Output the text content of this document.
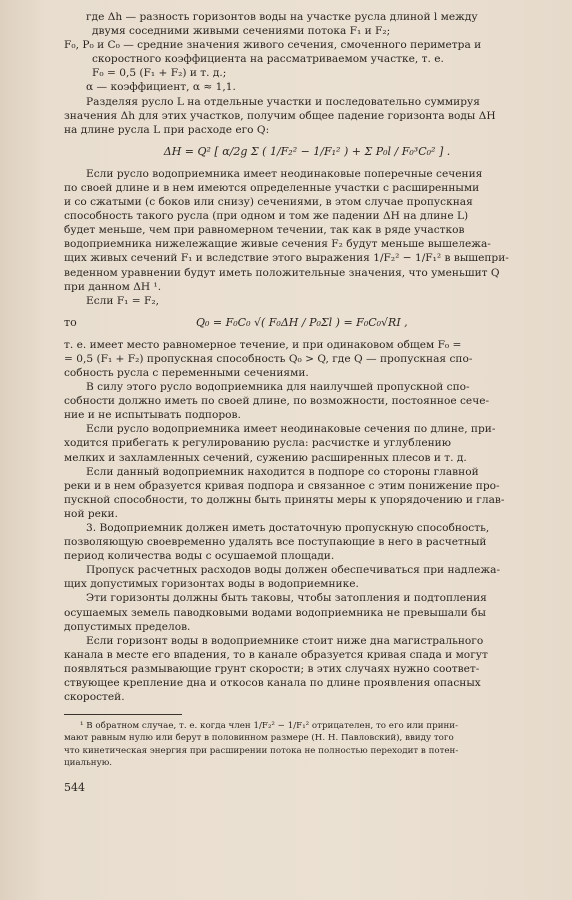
где Δh — разность горизонтов воды на участке русла длиной l между
двумя соседними живыми сечениями потока F₁ и F₂;
F₀, P₀ и C₀ — средние значения живого сечения, смоченного периметра и
скоростного коэффициента на рассматриваемом участке, т. е.
F₀ = 0,5 (F₁ + F₂) и т. д.;
α — коэффициент, α ≈ 1,1.
Разделяя русло L на отдельные участки и последовательно суммируя
значения Δh для этих участков, получим общее падение горизонта воды ΔH
на длине русла L при расходе его Q:
ΔH = Q² [ α/2g Σ ( 1/F₂² − 1/F₁² ) + Σ P₀l / F₀³C₀² ] .
Если русло водоприемника имеет неодинаковые поперечные сечения
по своей длине и в нем имеются определенные участки с расширенными
и со сжатыми (с боков или снизу) сечениями, в этом случае пропускная
способность такого русла (при одном и том же падении ΔH на длине L)
будет меньше, чем при равномерном течении, так как в ряде участков
водоприемника нижележащие живые сечения F₂ будут меньше вышележа-
щих живых сечений F₁ и вследствие этого выражения 1/F₂² − 1/F₁² в вышепри-
веденном уравнении будут иметь положительные значения, что уменьшит Q
при данном ΔH ¹.
Если F₁ = F₂,
то	Q₀ = F₀C₀ √( F₀ΔH / P₀Σl ) = F₀C₀√RI ,
т. е. имеет место равномерное течение, и при одинаковом общем F₀ =
= 0,5 (F₁ + F₂) пропускная способность Q₀ > Q, где Q — пропускная спо-
собность русла с переменными сечениями.
В силу этого русло водоприемника для наилучшей пропускной спо-
собности должно иметь по своей длине, по возможности, постоянное сече-
ние и не испытывать подпоров.
Если русло водоприемника имеет неодинаковые сечения по длине, при-
ходится прибегать к регулированию русла: расчистке и углублению
мелких и захламленных сечений, сужению расширенных плесов и т. д.
Если данный водоприемник находится в подпоре со стороны главной
реки и в нем образуется кривая подпора и связанное с этим понижение про-
пускной способности, то должны быть приняты меры к упорядочению и глав-
ной реки.
3. Водоприемник должен иметь достаточную пропускную способность,
позволяющую своевременно удалять все поступающие в него в расчетный
период количества воды с осушаемой площади.
Пропуск расчетных расходов воды должен обеспечиваться при надлежа-
щих допустимых горизонтах воды в водоприемнике.
Эти горизонты должны быть таковы, чтобы затопления и подтопления
осушаемых земель паводковыми водами водоприемника не превышали бы
допустимых пределов.
Если горизонт воды в водоприемнике стоит ниже дна магистрального
канала в месте его впадения, то в канале образуется кривая спада и могут
появляться размывающие грунт скорости; в этих случаях нужно соответ-
ствующее крепление дна и откосов канала по длине проявления опасных
скоростей.
¹ В обратном случае, т. е. когда член 1/F₂² − 1/F₁² отрицателен, то его или прини-
мают равным нулю или берут в половинном размере (Н. Н. Павловский), ввиду того
что кинетическая энергия при расширении потока не полностью переходит в потен-
циальную.
544
